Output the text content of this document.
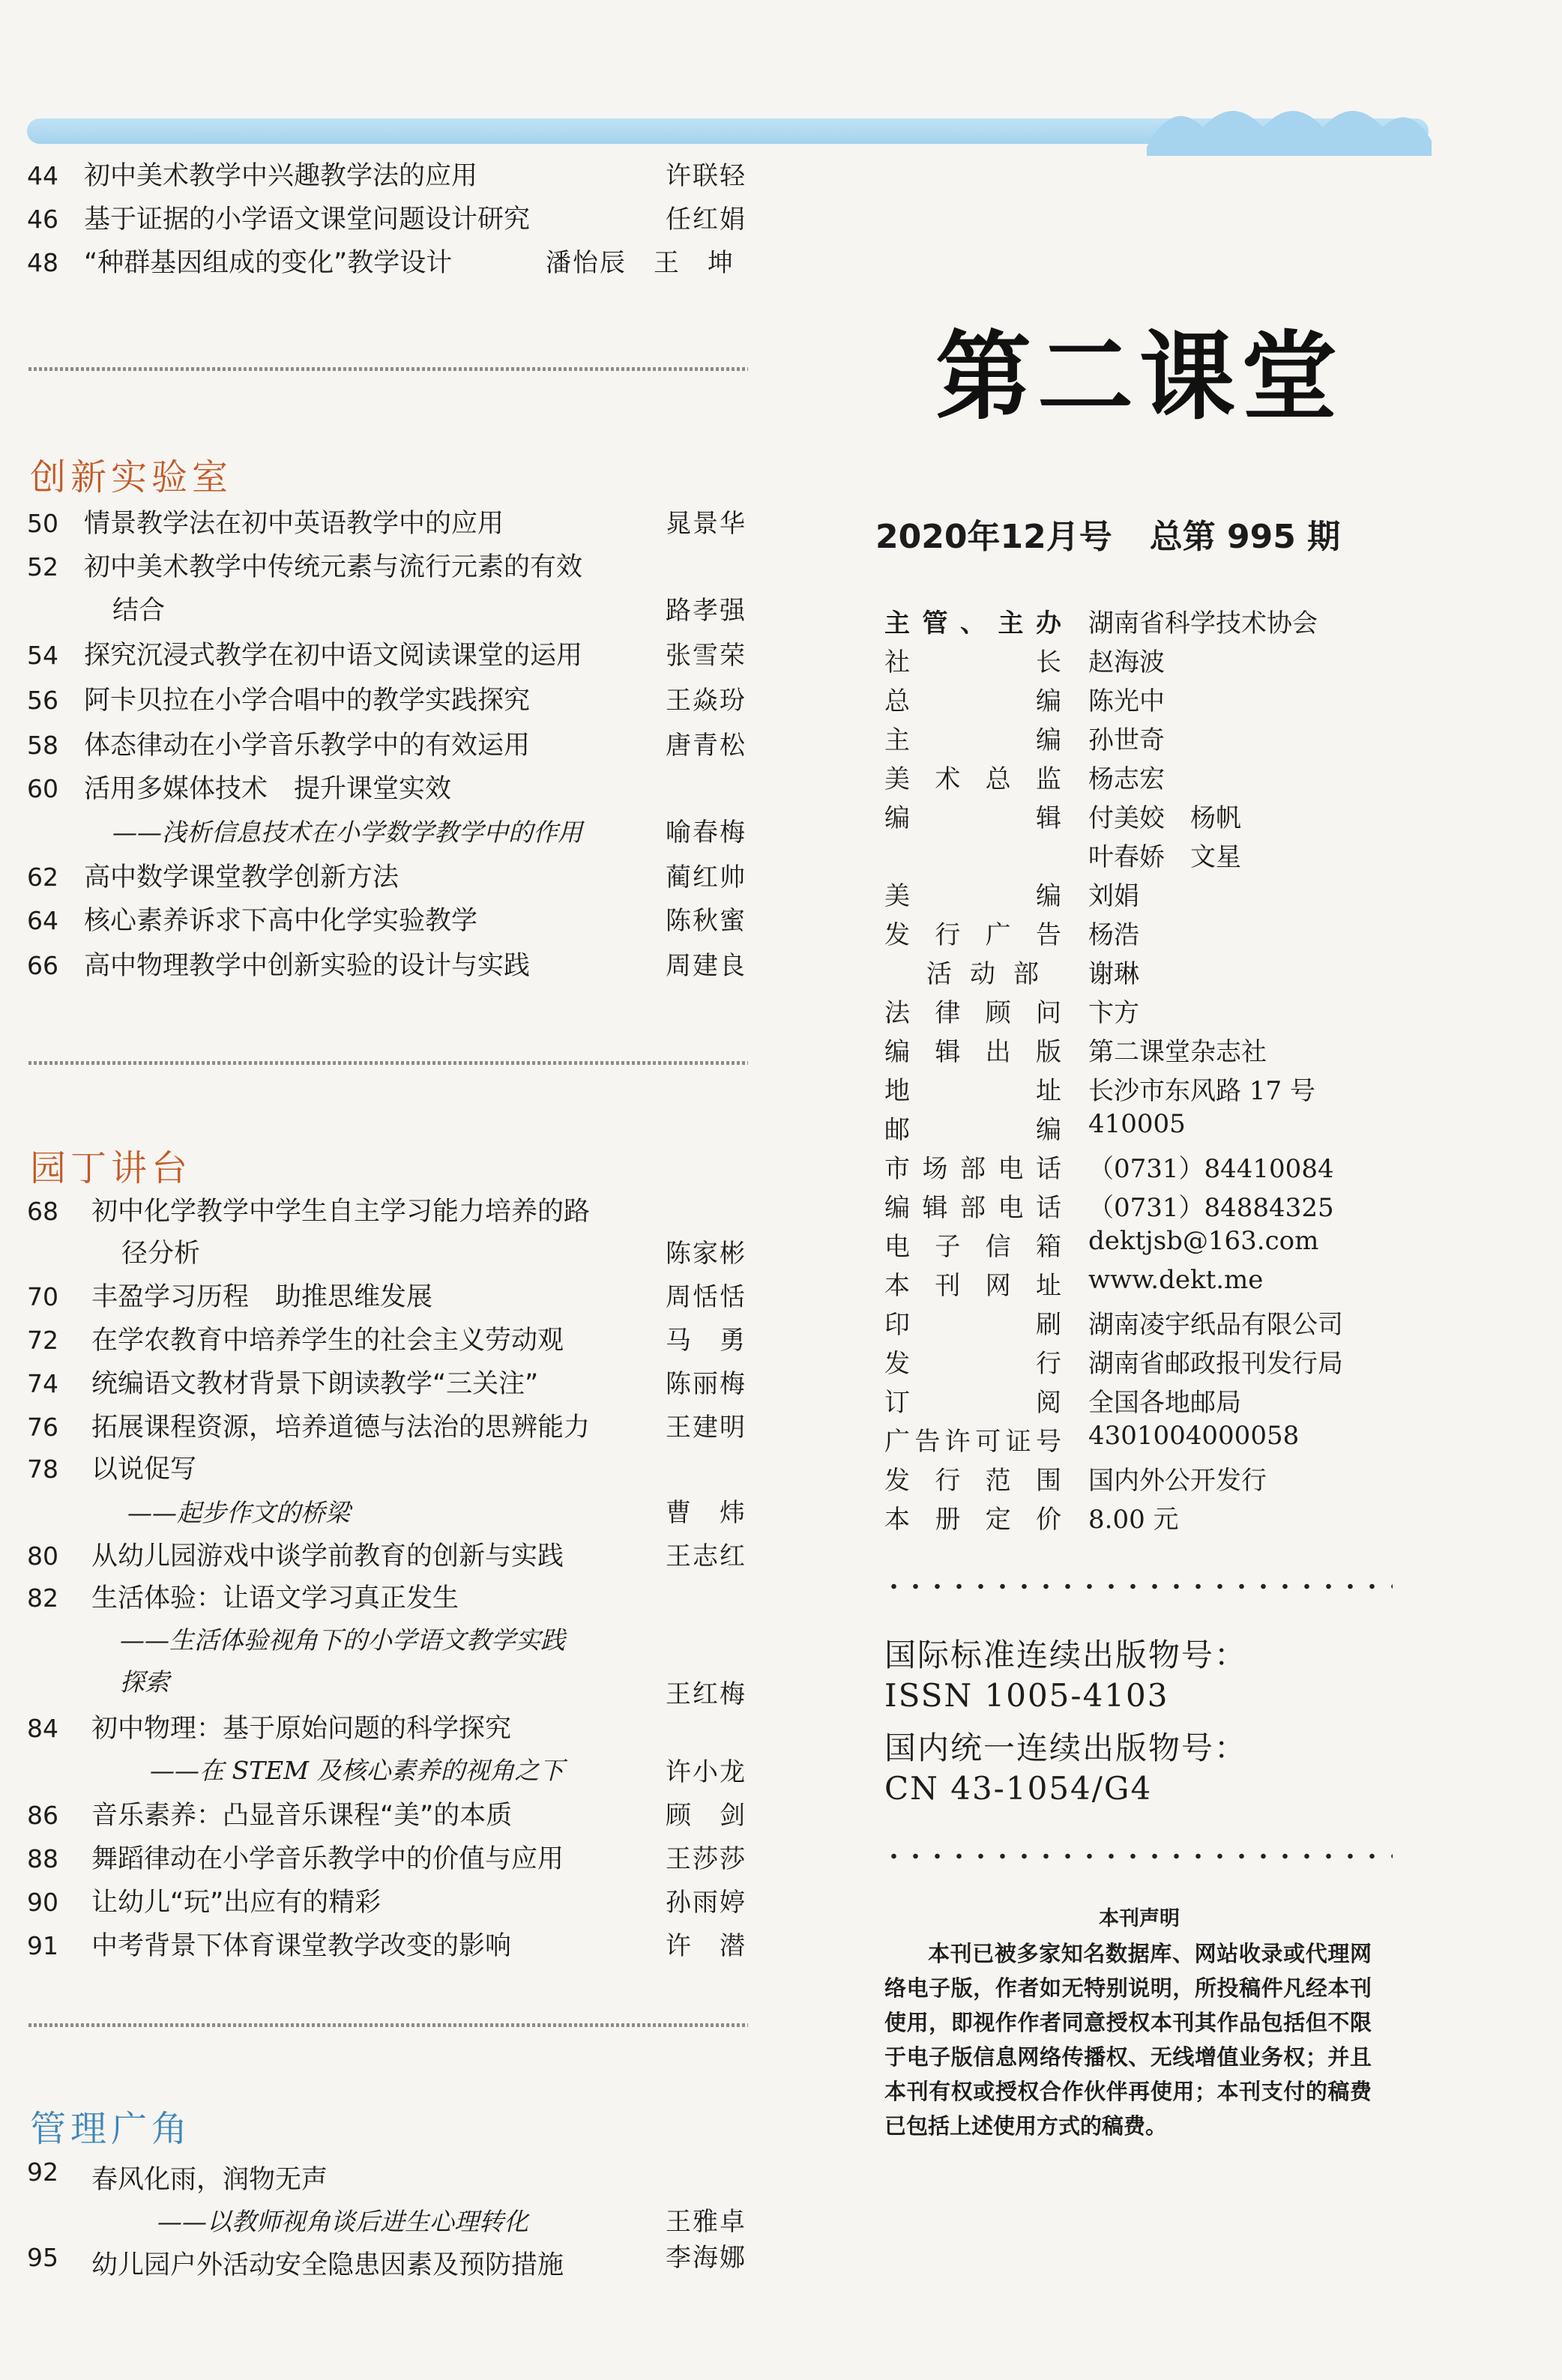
44 初中美术教学中兴趣教学法的应用	许联轻
46 基于证据的小学语文课堂问题设计研究	任红娟
48 “种群基因组成的变化”教学设计	潘怡辰　王　坤
创新实验室
50 情景教学法在初中英语教学中的应用	晁景华
52 初中美术教学中传统元素与流行元素的有效
结合	路孝强
54 探究沉浸式教学在初中语文阅读课堂的运用	张雪荣
56 阿卡贝拉在小学合唱中的教学实践探究	王焱玢
58 体态律动在小学音乐教学中的有效运用	唐青松
60 活用多媒体技术　提升课堂实效
——浅析信息技术在小学数学教学中的作用	喻春梅
62 高中数学课堂教学创新方法	蔺红帅
64 核心素养诉求下高中化学实验教学	陈秋蜜
66 高中物理教学中创新实验的设计与实践	周建良
园丁讲台
68 初中化学教学中学生自主学习能力培养的路
径分析	陈家彬
70 丰盈学习历程　助推思维发展	周恬恬
72 在学农教育中培养学生的社会主义劳动观	马　勇
74 统编语文教材背景下朗读教学“三关注”	陈丽梅
76 拓展课程资源，培养道德与法治的思辨能力	王建明
78 以说促写
——起步作文的桥梁	曹　炜
80 从幼儿园游戏中谈学前教育的创新与实践	王志红
82 生活体验：让语文学习真正发生
——生活体验视角下的小学语文教学实践
探索	王红梅
84 初中物理：基于原始问题的科学探究
——在 STEM 及核心素养的视角之下	许小龙
86 音乐素养：凸显音乐课程“美”的本质	顾　剑
88 舞蹈律动在小学音乐教学中的价值与应用	王莎莎
90 让幼儿“玩”出应有的精彩	孙雨婷
91 中考背景下体育课堂教学改变的影响	许　潜
管理广角
92 春风化雨，润物无声
——以教师视角谈后进生心理转化	王雅卓
95 幼儿园户外活动安全隐患因素及预防措施	李海娜
第二课堂
2020年12月号 总第 995 期
主管、主办 湖南省科学技术协会
社长 赵海波
总编 陈光中
主编 孙世奇
美术总监 杨志宏
编辑 付美姣　杨帆
叶春娇　文星
美编 刘娟
发行广告 杨浩
活动部 谢琳
法律顾问 卞方
编辑出版 第二课堂杂志社
地址 长沙市东风路 17 号
邮编 410005
市场部电话 （0731）84410084
编辑部电话 （0731）84884325
电子信箱 dektjsb@163.com
本刊网址 www.dekt.me
印刷 湖南凌宇纸品有限公司
发行 湖南省邮政报刊发行局
订阅 全国各地邮局
广告许可证号 4301004000058
发行范围 国内外公开发行
本册定价 8.00 元
国际标准连续出版物号：
ISSN 1005-4103
国内统一连续出版物号：
CN 43-1054/G4
本刊声明
本刊已被多家知名数据库、网站收录或代理网络电子版，作者如无特别说明，所投稿件凡经本刊使用，即视作作者同意授权本刊其作品包括但不限于电子版信息网络传播权、无线增值业务权；并且本刊有权或授权合作伙伴再使用；本刊支付的稿费已包括上述使用方式的稿费。
